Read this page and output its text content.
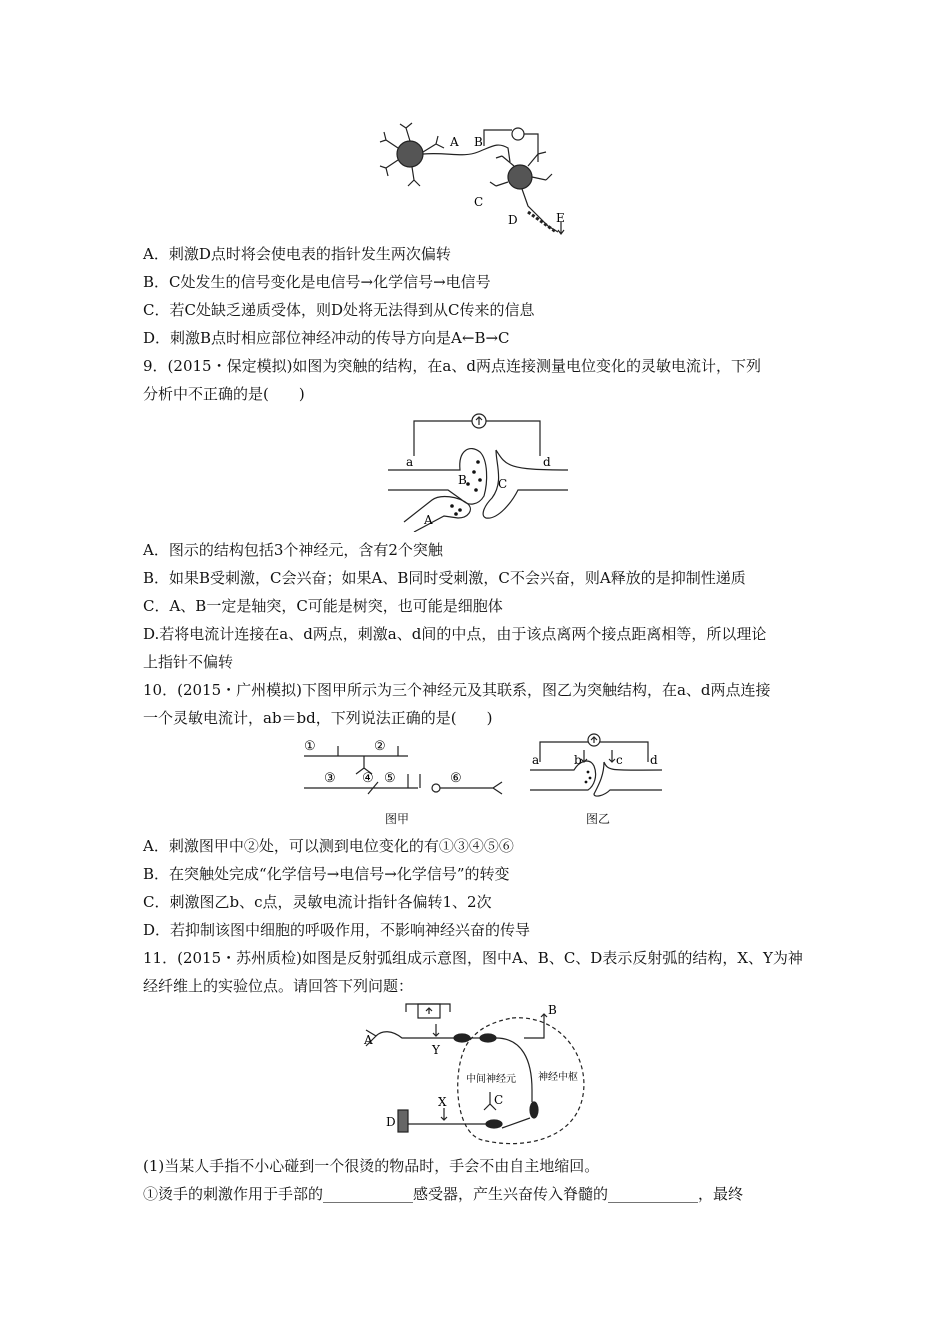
A B
C
D	E
A．刺激D点时将会使电表的指针发生两次偏转
B．C处发生的信号变化是电信号→化学信号→电信号
C．若C处缺乏递质受体，则D处将无法得到从C传来的信息
D．刺激B点时相应部位神经冲动的传导方向是A←B→C
9．(2015・保定模拟)如图为突触的结构，在a、d两点连接测量电位变化的灵敏电流计，下列
分析中不正确的是(　　)
a	d
B	C
A
A．图示的结构包括3个神经元，含有2个突触
B．如果B受刺激，C会兴奋；如果A、B同时受刺激，C不会兴奋，则A释放的是抑制性递质
C．A、B一定是轴突，C可能是树突，也可能是细胞体
D.若将电流计连接在a、d两点，刺激a、d间的中点，由于该点离两个接点距离相等，所以理论
上指针不偏转
10．(2015・广州模拟)下图甲所示为三个神经元及其联系，图乙为突触结构，在a、d两点连接
一个灵敏电流计，ab＝bd，下列说法正确的是(　　)
①	②
③ ④ ⑤	⑥
图甲
a	b	c d
图乙
A．刺激图甲中②处，可以测到电位变化的有①③④⑤⑥
B．在突触处完成“化学信号→电信号→化学信号”的转变
C．刺激图乙b、c点，灵敏电流计指针各偏转1、2次
D．若抑制该图中细胞的呼吸作用，不影响神经兴奋的传导
11．(2015・苏州质检)如图是反射弧组成示意图，图中A、B、C、D表示反射弧的结构，X、Y为神
经纤维上的实验位点。请回答下列问题：
A
B
C
D
X
Y
中间神经元 神经中枢
(1)当某人手指不小心碰到一个很烫的物品时，手会不由自主地缩回。
①烫手的刺激作用于手部的____________感受器，产生兴奋传入脊髓的____________，最终
